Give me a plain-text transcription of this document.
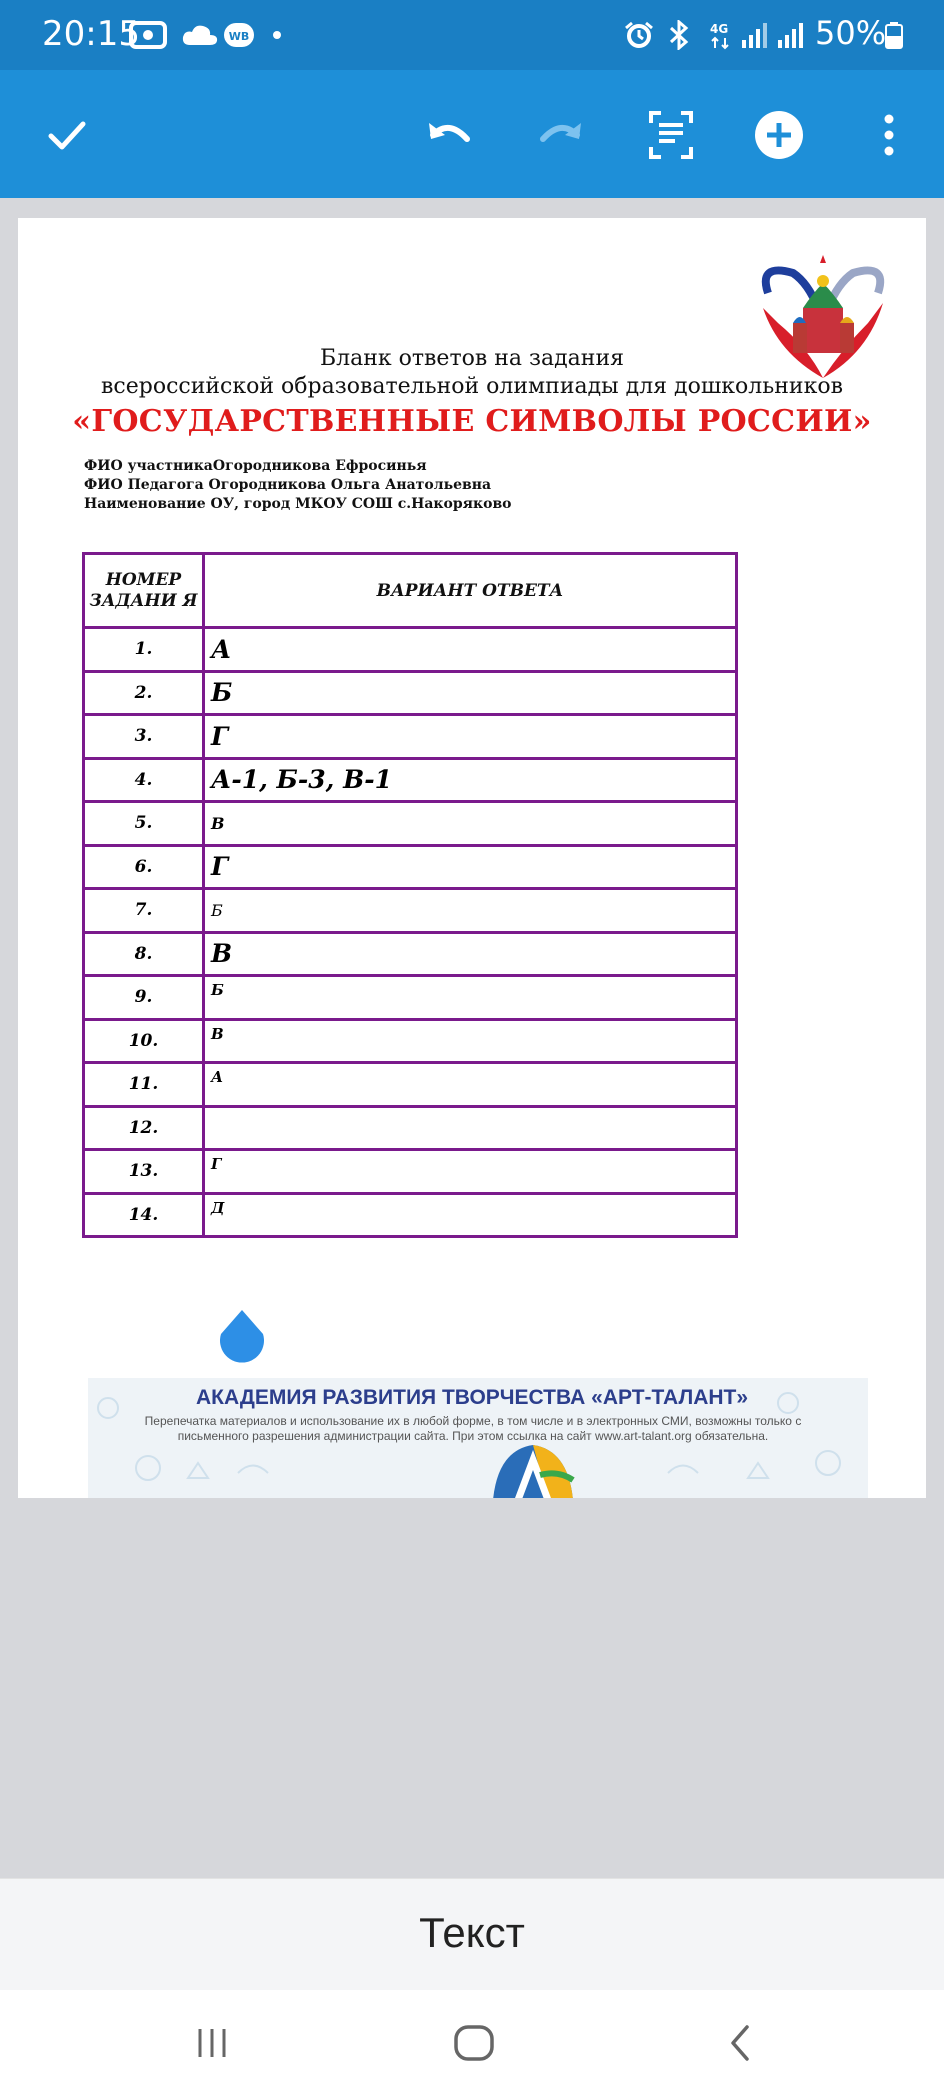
20:15	WB
4G	50%
Бланк ответов на задания
всероссийской образовательной олимпиады для дошкольников
«ГОСУДАРСТВЕННЫЕ СИМВОЛЫ РОССИИ»
ФИО участникаОгородникова Ефросинья
ФИО Педагога Огородникова Ольга Анатольевна
Наименование ОУ, город МКОУ СОШ с.Накоряково
НОМЕР ЗАДАНИ Я	ВАРИАНТ ОТВЕТА
1.	А
2.	Б
3.	Г
4.	А-1, Б-3, В-1
5.	В
6.	Г
7.	Б
8.	В
9.	Б
10.	В
11.	А
12.	
13.	Г
14.	Д
АКАДЕМИЯ РАЗВИТИЯ ТВОРЧЕСТВА «АРТ-ТАЛАНТ»
Перепечатка материалов и использование их в любой форме, в том числе и в электронных СМИ, возможны только с письменного разрешения администрации сайта. При этом ссылка на сайт www.art-talant.org обязательна.
Текст
